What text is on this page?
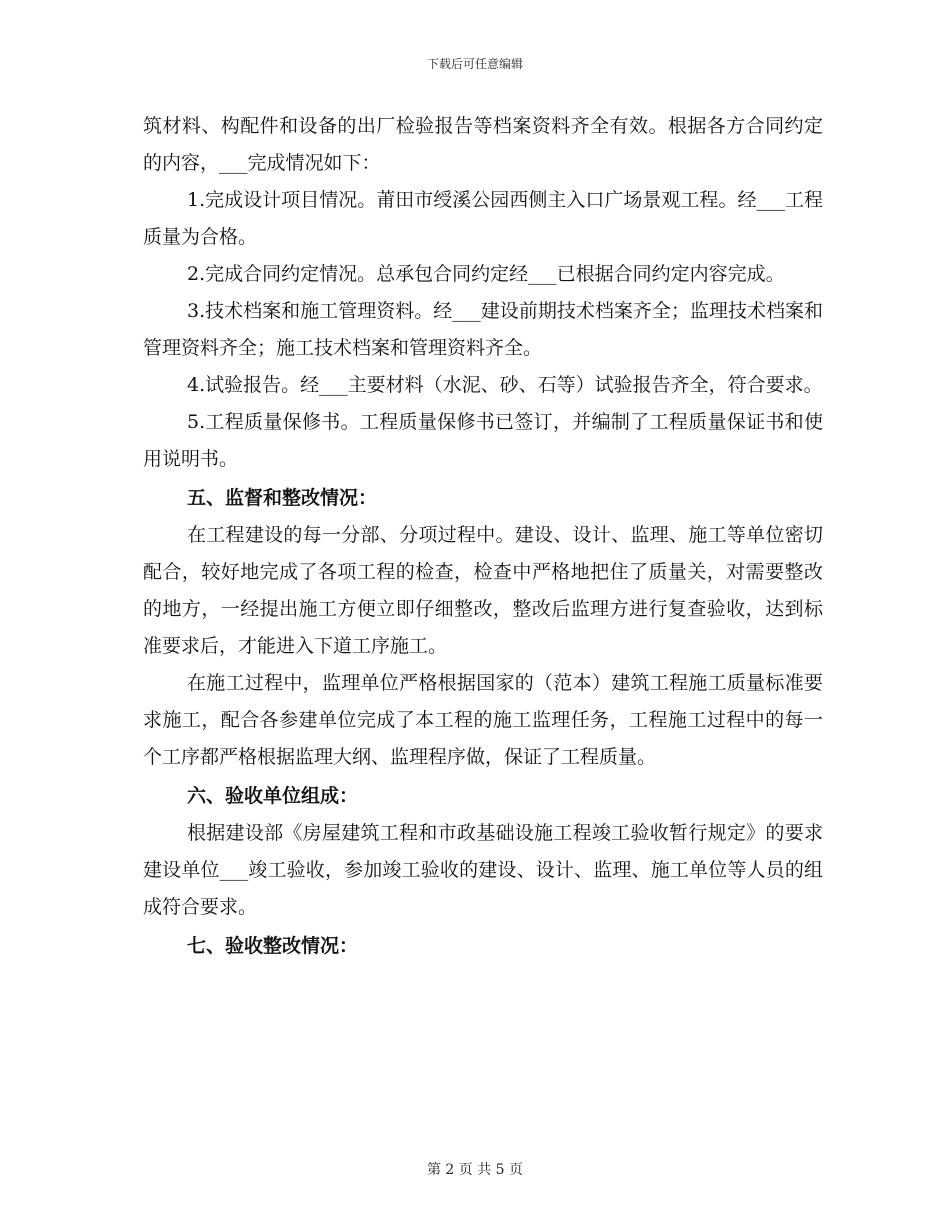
下载后可任意编辑

筑材料、构配件和设备的出厂检验报告等档案资料齐全有效。根据各方合同约定的内容，___完成情况如下：

1.完成设计项目情况。莆田市绶溪公园西侧主入口广场景观工程。经___工程质量为合格。

2.完成合同约定情况。总承包合同约定经___已根据合同约定内容完成。

3.技术档案和施工管理资料。经___建设前期技术档案齐全；监理技术档案和管理资料齐全；施工技术档案和管理资料齐全。

4.试验报告。经___主要材料（水泥、砂、石等）试验报告齐全，符合要求。

5.工程质量保修书。工程质量保修书已签订，并编制了工程质量保证书和使用说明书。

五、监督和整改情况：

在工程建设的每一分部、分项过程中。建设、设计、监理、施工等单位密切配合，较好地完成了各项工程的检查，检查中严格地把住了质量关，对需要整改的地方，一经提出施工方便立即仔细整改，整改后监理方进行复查验收，达到标准要求后，才能进入下道工序施工。

在施工过程中，监理单位严格根据国家的（范本）建筑工程施工质量标准要求施工，配合各参建单位完成了本工程的施工监理任务，工程施工过程中的每一个工序都严格根据监理大纲、监理程序做，保证了工程质量。

六、验收单位组成：

根据建设部《房屋建筑工程和市政基础设施工程竣工验收暂行规定》的要求建设单位___竣工验收，参加竣工验收的建设、设计、监理、施工单位等人员的组成符合要求。

七、验收整改情况：

第 2 页 共 5 页
